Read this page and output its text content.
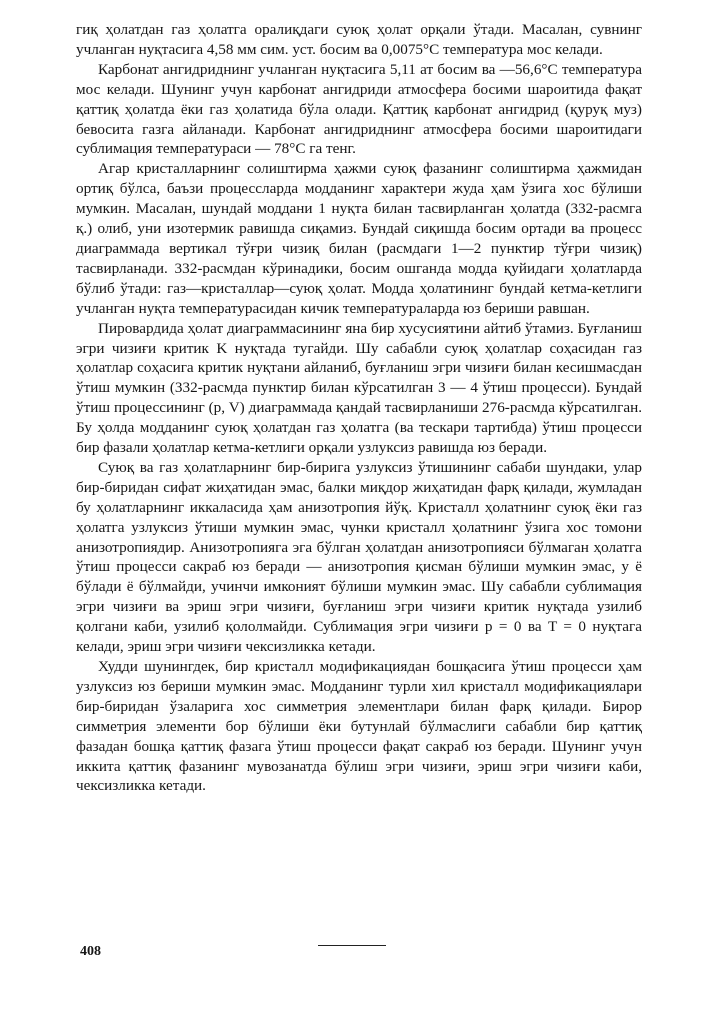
гиқ ҳолатдан газ ҳолатга оралиқдаги суюқ ҳолат орқали ўтади. Масалан, сувнинг учланган нуқтасига 4,58 мм сим. уст. босим ва 0,0075°С температура мос келади.

Карбонат ангидриднинг учланган нуқтасига 5,11 ат босим ва —56,6°С температура мос келади. Шунинг учун карбонат ангидриди атмосфера босими шароитида фақат қаттиқ ҳолатда ёки газ ҳолатида бўла олади. Қаттиқ карбонат ангидрид (қуруқ муз) бевосита газга айланади. Карбонат ангидриднинг атмосфера босими шароитидаги сублимация температураси — 78°С га тенг.

Агар кристалларнинг солиштирма ҳажми суюқ фазанинг солиштирма ҳажмидан ортиқ бўлса, баъзи процессларда модданинг характери жуда ҳам ўзига хос бўлиши мумкин. Масалан, шундай моддани 1 нуқта билан тасвирланган ҳолатда (332-расмга қ.) олиб, уни изотермик равишда сиқамиз. Бундай сиқишда босим ортади ва процесс диаграммада вертикал тўғри чизиқ билан (расмдаги 1—2 пунктир тўғри чизиқ) тасвирланади. 332-расмдан кўринадики, босим ошганда модда қуйидаги ҳолатларда бўлиб ўтади: газ—кристаллар—суюқ ҳолат. Модда ҳолатининг бундай кетма-кетлиги учланган нуқта температурасидан кичик температураларда юз бериши равшан.

Пировардида ҳолат диаграммасининг яна бир хусусиятини айтиб ўтамиз. Буғланиш эгри чизиғи критик K нуқтада тугайди. Шу сабабли суюқ ҳолатлар соҳасидан газ ҳолатлар соҳасига критик нуқтани айланиб, буғланиш эгри чизиғи билан кесишмасдан ўтиш мумкин (332-расмда пунктир билан кўрсатилган 3 — 4 ўтиш процесси). Бундай ўтиш процессининг (p, V) диаграммада қандай тасвирланиши 276-расмда кўрсатилган. Бу ҳолда модданинг суюқ ҳолатдан газ ҳолатга (ва тескари тартибда) ўтиш процесси бир фазали ҳолатлар кетма-кетлиги орқали узлуксиз равишда юз беради.

Суюқ ва газ ҳолатларнинг бир-бирига узлуксиз ўтишининг сабаби шундаки, улар бир-биридан сифат жиҳатидан эмас, балки миқдор жиҳатидан фарқ қилади, жумладан бу ҳолатларнинг иккаласида ҳам анизотропия йўқ. Кристалл ҳолатнинг суюқ ёки газ ҳолатга узлуксиз ўтиши мумкин эмас, чунки кристалл ҳолатнинг ўзига хос томони анизотропиядир. Анизотропияга эга бўлган ҳолатдан анизотропияси бўлмаган ҳолатга ўтиш процесси сакраб юз беради — анизотропия қисман бўлиши мумкин эмас, у ё бўлади ё бўлмайди, учинчи имконият бўлиши мумкин эмас. Шу сабабли сублимация эгри чизиғи ва эриш эгри чизиғи, буғланиш эгри чизиғи критик нуқтада узилиб қолгани каби, узилиб қололмайди. Сублимация эгри чизиғи p = 0 ва T = 0 нуқтага келади, эриш эгри чизиғи чексизликка кетади.

Худди шунингдек, бир кристалл модификациядан бошқасига ўтиш процесси ҳам узлуксиз юз бериши мумкин эмас. Модданинг турли хил кристалл модификациялари бир-биридан ўзаларига хос симметрия элементлари билан фарқ қилади. Бирор симметрия элементи бор бўлиши ёки бутунлай бўлмаслиги сабабли бир қаттиқ фазадан бошқа қаттиқ фазага ўтиш процесси фақат сакраб юз беради. Шунинг учун иккита қаттиқ фазанинг мувозанатда бўлиш эгри чизиғи, эриш эгри чизиғи каби, чексизликка кетади.

408
